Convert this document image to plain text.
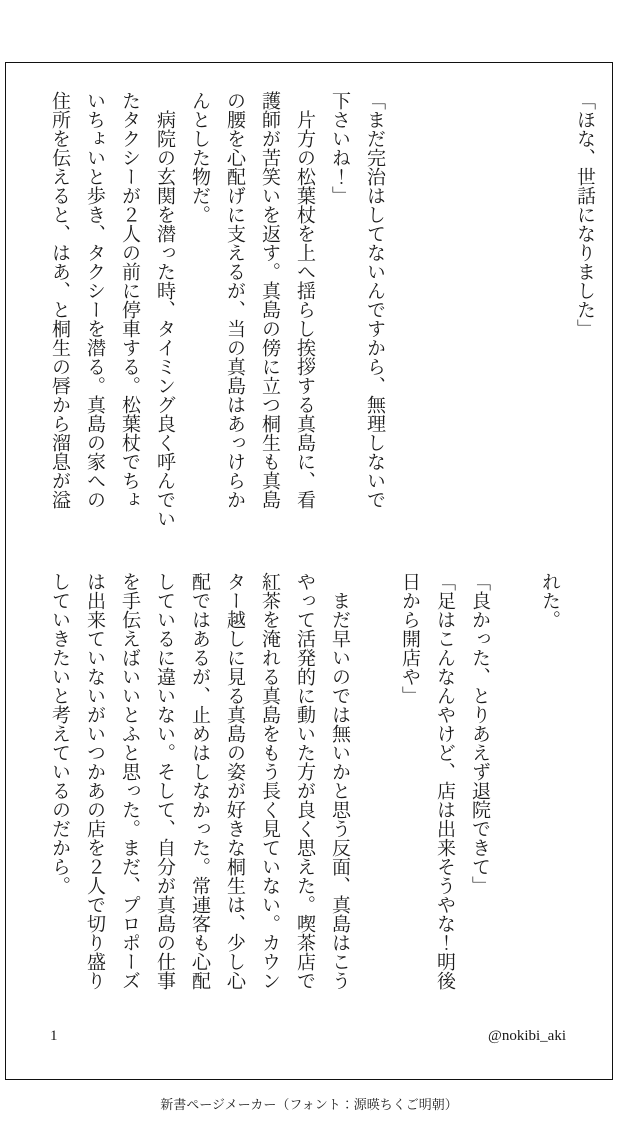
「ほな、世話になりました」

「まだ完治はしてないんですから、無理しないで

下さいね！」

　片方の松葉杖を上へ揺らし挨拶する真島に、看

護師が苦笑いを返す。真島の傍に立つ桐生も真島

の腰を心配げに支えるが、当の真島はあっけらか

んとした物だ。

　病院の玄関を潜った時、タイミング良く呼んでい

たタクシーが２人の前に停車する。松葉杖でちょ

いちょいと歩き、タクシーを潜る。真島の家への

住所を伝えると、はあ、と桐生の唇から溜息が溢

れた。

「良かった、とりあえず退院できて」

「足はこんなんやけど、店は出来そうやな！明後

日から開店や」

　まだ早いのでは無いかと思う反面、真島はこう

やって活発的に動いた方が良く思えた。喫茶店で

紅茶を淹れる真島をもう長く見ていない。カウン

ター越しに見る真島の姿が好きな桐生は、少し心

配ではあるが、止めはしなかった。常連客も心配

しているに違いない。そして、自分が真島の仕事

を手伝えばいいとふと思った。まだ、プロポーズ

は出来ていないがいつかあの店を２人で切り盛り

していきたいと考えているのだから。

1	@nokibi_aki
新書ページメーカー（フォント：源暎ちくご明朝）
